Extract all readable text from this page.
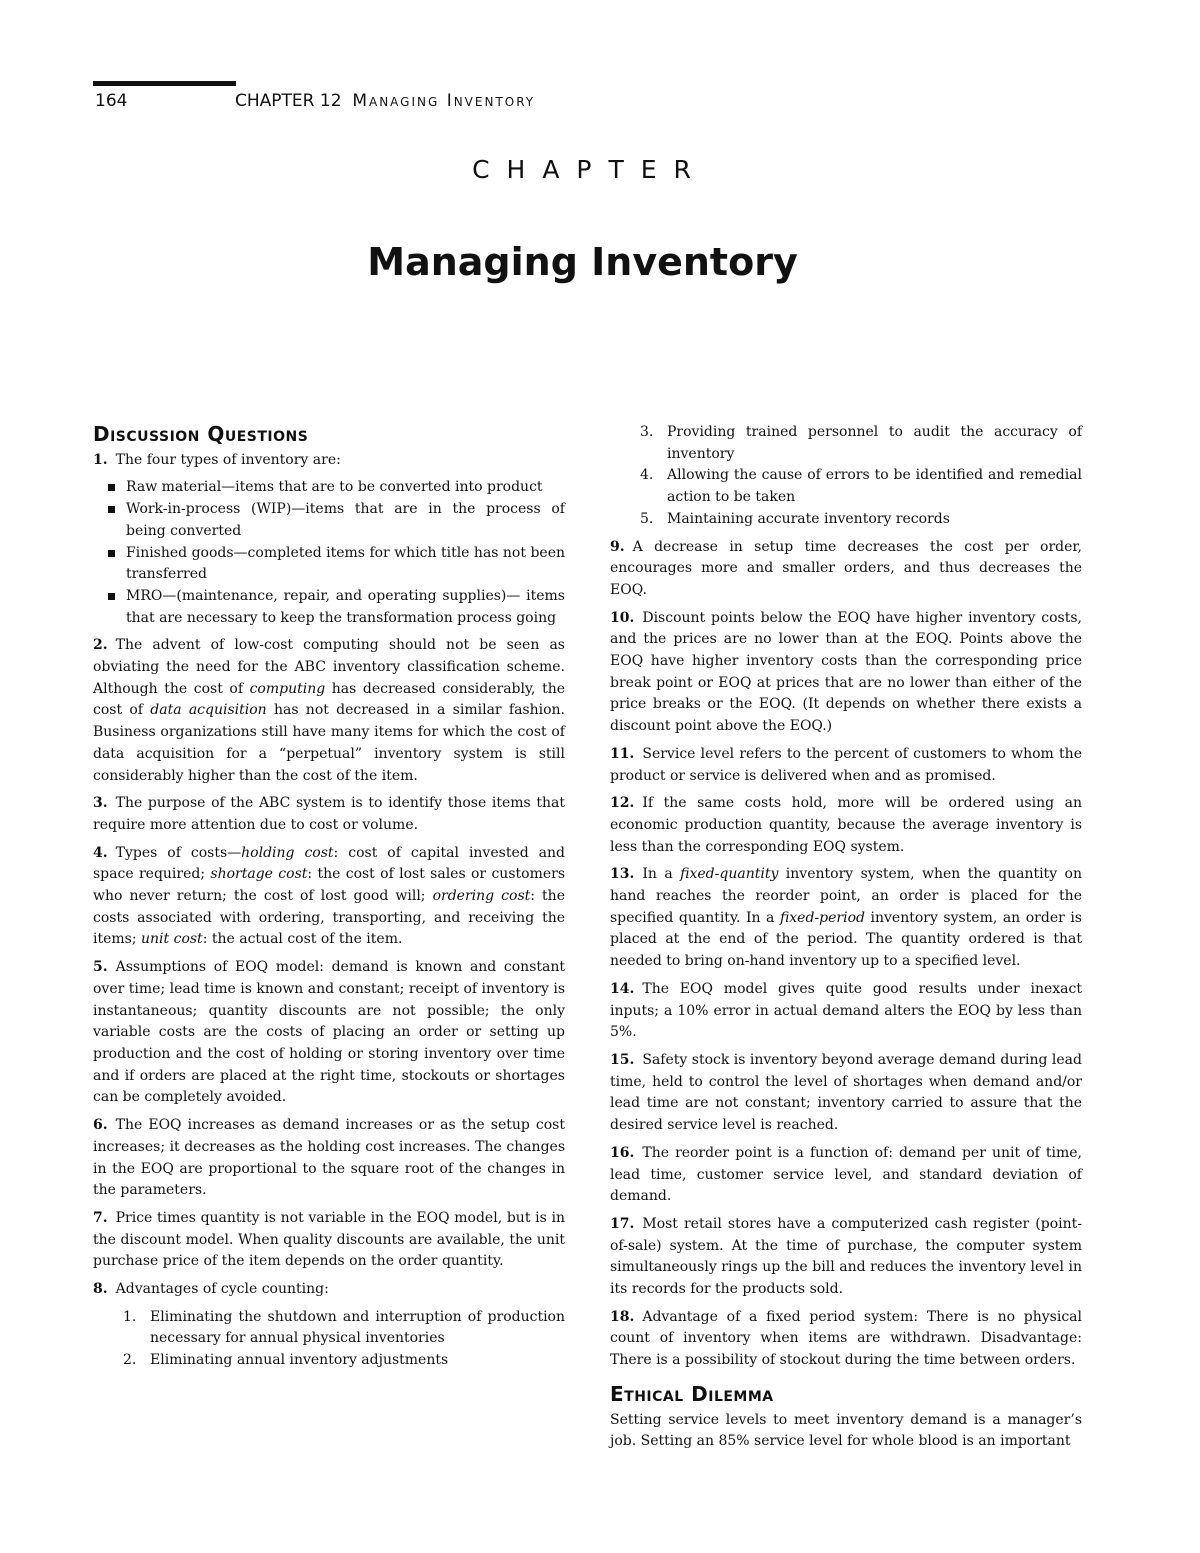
164	CHAPTER 12 Managing Inventory
CHAPTER
Managing Inventory
Discussion Questions

1. The four types of inventory are:

Raw material—items that are to be converted into product
Work-in-process (WIP)—items that are in the process of being converted
Finished goods—completed items for which title has not been transferred
MRO—(maintenance, repair, and operating supplies)— items that are necessary to keep the transformation process going

2. The advent of low-cost computing should not be seen as obviating the need for the ABC inventory classification scheme. Although the cost of computing has decreased considerably, the cost of data acquisition has not decreased in a similar fashion. Business organizations still have many items for which the cost of data acquisition for a “perpetual” inventory system is still considerably higher than the cost of the item.

3. The purpose of the ABC system is to identify those items that require more attention due to cost or volume.

4. Types of costs—holding cost: cost of capital invested and space required; shortage cost: the cost of lost sales or customers who never return; the cost of lost good will; ordering cost: the costs associated with ordering, transporting, and receiving the items; unit cost: the actual cost of the item.

5. Assumptions of EOQ model: demand is known and constant over time; lead time is known and constant; receipt of inventory is instantaneous; quantity discounts are not possible; the only variable costs are the costs of placing an order or setting up production and the cost of holding or storing inventory over time and if orders are placed at the right time, stockouts or shortages can be completely avoided.

6. The EOQ increases as demand increases or as the setup cost increases; it decreases as the holding cost increases. The changes in the EOQ are proportional to the square root of the changes in the parameters.

7. Price times quantity is not variable in the EOQ model, but is in the discount model. When quality discounts are available, the unit purchase price of the item depends on the order quantity.

8. Advantages of cycle counting:

1. Eliminating the shutdown and interruption of production necessary for annual physical inventories
2. Eliminating annual inventory adjustments
3. Providing trained personnel to audit the accuracy of inventory
4. Allowing the cause of errors to be identified and remedial action to be taken
5. Maintaining accurate inventory records

9. A decrease in setup time decreases the cost per order, encourages more and smaller orders, and thus decreases the EOQ.

10. Discount points below the EOQ have higher inventory costs, and the prices are no lower than at the EOQ. Points above the EOQ have higher inventory costs than the corresponding price break point or EOQ at prices that are no lower than either of the price breaks or the EOQ. (It depends on whether there exists a discount point above the EOQ.)

11. Service level refers to the percent of customers to whom the product or service is delivered when and as promised.

12. If the same costs hold, more will be ordered using an economic production quantity, because the average inventory is less than the corresponding EOQ system.

13. In a fixed-quantity inventory system, when the quantity on hand reaches the reorder point, an order is placed for the specified quantity. In a fixed-period inventory system, an order is placed at the end of the period. The quantity ordered is that needed to bring on-hand inventory up to a specified level.

14. The EOQ model gives quite good results under inexact inputs; a 10% error in actual demand alters the EOQ by less than 5%.

15. Safety stock is inventory beyond average demand during lead time, held to control the level of shortages when demand and/or lead time are not constant; inventory carried to assure that the desired service level is reached.

16. The reorder point is a function of: demand per unit of time, lead time, customer service level, and standard deviation of demand.

17. Most retail stores have a computerized cash register (point-of-sale) system. At the time of purchase, the computer system simultaneously rings up the bill and reduces the inventory level in its records for the products sold.

18. Advantage of a fixed period system: There is no physical count of inventory when items are withdrawn. Disadvantage: There is a possibility of stockout during the time between orders.

Ethical Dilemma

Setting service levels to meet inventory demand is a manager’s job. Setting an 85% service level for whole blood is an important
